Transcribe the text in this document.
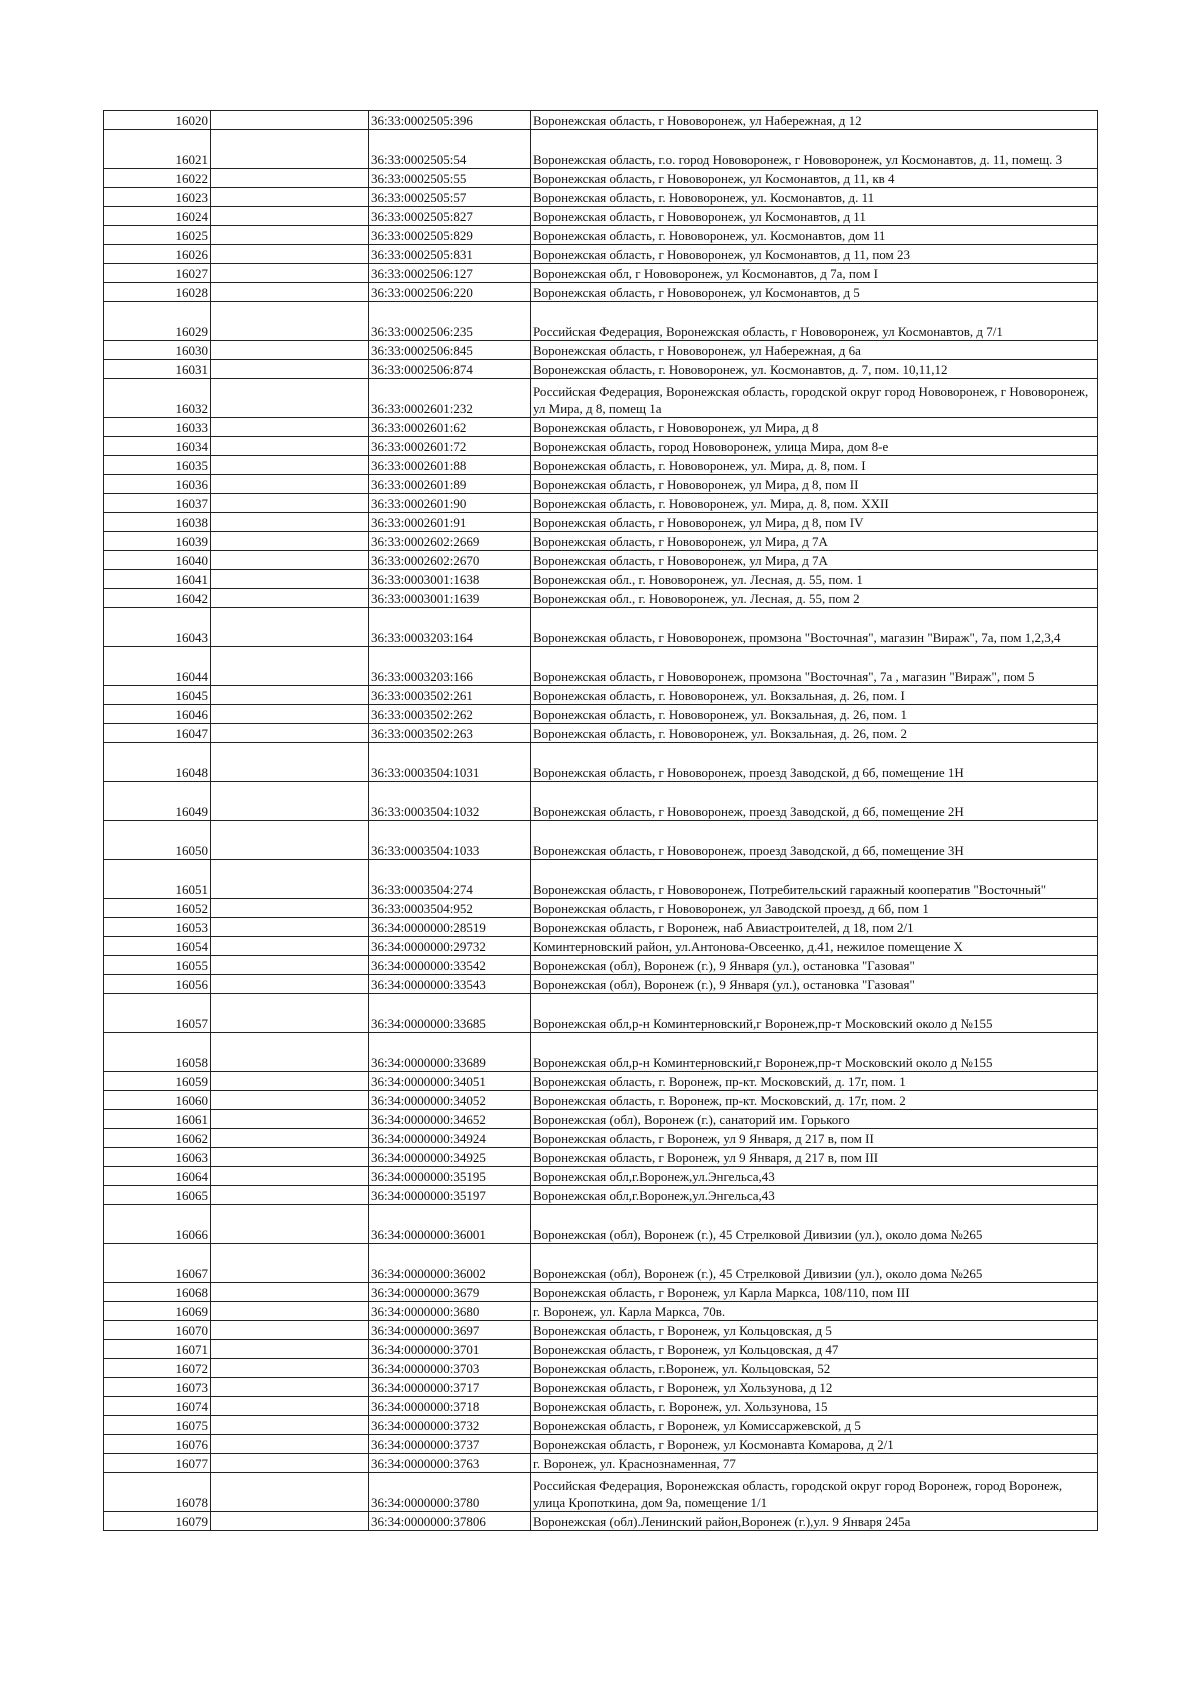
16020		36:33:0002505:396	Воронежская область, г Нововоронеж, ул Набережная, д 12
16021		36:33:0002505:54	Воронежская область, г.о. город Нововоронеж, г Нововоронеж, ул Космонавтов, д. 11, помещ. 3
16022		36:33:0002505:55	Воронежская область, г Нововоронеж, ул Космонавтов, д 11, кв 4
16023		36:33:0002505:57	Воронежская область, г. Нововоронеж, ул. Космонавтов, д. 11
16024		36:33:0002505:827	Воронежская область, г Нововоронеж, ул Космонавтов, д 11
16025		36:33:0002505:829	Воронежская область, г. Нововоронеж, ул. Космонавтов, дом 11
16026		36:33:0002505:831	Воронежская область, г Нововоронеж, ул Космонавтов, д 11, пом 23
16027		36:33:0002506:127	Воронежская обл, г Нововоронеж, ул Космонавтов, д 7а, пом I
16028		36:33:0002506:220	Воронежская область, г Нововоронеж, ул Космонавтов, д 5
16029		36:33:0002506:235	Российская Федерация, Воронежская область, г Нововоронеж, ул Космонавтов, д 7/1
16030		36:33:0002506:845	Воронежская область, г Нововоронеж, ул Набережная, д 6а
16031		36:33:0002506:874	Воронежская область, г. Нововоронеж, ул. Космонавтов, д. 7, пом. 10,11,12
16032		36:33:0002601:232	Российская Федерация, Воронежская область, городской округ город Нововоронеж, г Нововоронеж, ул Мира, д 8, помещ 1а
16033		36:33:0002601:62	Воронежская область, г Нововоронеж, ул Мира, д 8
16034		36:33:0002601:72	Воронежская область, город Нововоронеж, улица Мира, дом 8-е
16035		36:33:0002601:88	Воронежская область, г. Нововоронеж, ул. Мира, д. 8, пом. I
16036		36:33:0002601:89	Воронежская область, г Нововоронеж, ул Мира, д 8, пом II
16037		36:33:0002601:90	Воронежская область, г. Нововоронеж, ул. Мира, д. 8, пом. XXII
16038		36:33:0002601:91	Воронежская область, г Нововоронеж, ул Мира, д 8, пом IV
16039		36:33:0002602:2669	Воронежская область, г Нововоронеж, ул Мира, д 7А
16040		36:33:0002602:2670	Воронежская область, г Нововоронеж, ул Мира, д 7А
16041		36:33:0003001:1638	Воронежская обл., г. Нововоронеж, ул. Лесная, д. 55, пом. 1
16042		36:33:0003001:1639	Воронежская обл., г. Нововоронеж, ул. Лесная, д. 55, пом 2
16043		36:33:0003203:164	Воронежская область, г Нововоронеж, промзона "Восточная", магазин "Вираж", 7а, пом 1,2,3,4
16044		36:33:0003203:166	Воронежская область, г Нововоронеж, промзона "Восточная", 7а , магазин "Вираж", пом 5
16045		36:33:0003502:261	Воронежская область, г. Нововоронеж, ул. Вокзальная, д. 26, пом. I
16046		36:33:0003502:262	Воронежская область, г. Нововоронеж, ул. Вокзальная, д. 26, пом. 1
16047		36:33:0003502:263	Воронежская область, г. Нововоронеж, ул. Вокзальная, д. 26, пом. 2
16048		36:33:0003504:1031	Воронежская область, г Нововоронеж, проезд Заводской, д 6б, помещение 1Н
16049		36:33:0003504:1032	Воронежская область, г Нововоронеж, проезд Заводской, д 6б, помещение 2Н
16050		36:33:0003504:1033	Воронежская область, г Нововоронеж, проезд Заводской, д 6б, помещение 3Н
16051		36:33:0003504:274	Воронежская область, г Нововоронеж, Потребительский гаражный кооператив "Восточный"
16052		36:33:0003504:952	Воронежская область, г Нововоронеж, ул Заводской проезд, д 6б, пом 1
16053		36:34:0000000:28519	Воронежская область, г Воронеж, наб Авиастроителей, д 18, пом 2/1
16054		36:34:0000000:29732	Коминтерновский район, ул.Антонова-Овсеенко, д.41, нежилое помещение X
16055		36:34:0000000:33542	Воронежская (обл), Воронеж (г.), 9 Января (ул.), остановка "Газовая"
16056		36:34:0000000:33543	Воронежская (обл), Воронеж (г.), 9 Января (ул.), остановка "Газовая"
16057		36:34:0000000:33685	Воронежская обл,р-н Коминтерновский,г Воронеж,пр-т Московский около д №155
16058		36:34:0000000:33689	Воронежская обл,р-н Коминтерновский,г Воронеж,пр-т Московский около д №155
16059		36:34:0000000:34051	Воронежская область, г. Воронеж, пр-кт. Московский, д. 17г, пом. 1
16060		36:34:0000000:34052	Воронежская область, г. Воронеж, пр-кт. Московский, д. 17г, пом. 2
16061		36:34:0000000:34652	Воронежская (обл), Воронеж (г.), санаторий им. Горького
16062		36:34:0000000:34924	Воронежская область, г Воронеж, ул 9 Января, д 217 в, пом II
16063		36:34:0000000:34925	Воронежская область, г Воронеж, ул 9 Января, д 217 в, пом III
16064		36:34:0000000:35195	Воронежская обл,г.Воронеж,ул.Энгельса,43
16065		36:34:0000000:35197	Воронежская обл,г.Воронеж,ул.Энгельса,43
16066		36:34:0000000:36001	Воронежская (обл), Воронеж (г.), 45 Стрелковой Дивизии (ул.), около дома №265
16067		36:34:0000000:36002	Воронежская (обл), Воронеж (г.), 45 Стрелковой Дивизии (ул.), около дома №265
16068		36:34:0000000:3679	Воронежская область, г Воронеж, ул Карла Маркса, 108/110, пом III
16069		36:34:0000000:3680	г. Воронеж, ул. Карла Маркса, 70в.
16070		36:34:0000000:3697	Воронежская область, г Воронеж, ул Кольцовская, д 5
16071		36:34:0000000:3701	Воронежская область, г Воронеж, ул Кольцовская, д 47
16072		36:34:0000000:3703	Воронежская область, г.Воронеж, ул. Кольцовская, 52
16073		36:34:0000000:3717	Воронежская область, г Воронеж, ул Хользунова, д 12
16074		36:34:0000000:3718	Воронежская область, г. Воронеж, ул. Хользунова, 15
16075		36:34:0000000:3732	Воронежская область, г Воронеж, ул Комиссаржевской, д 5
16076		36:34:0000000:3737	Воронежская область, г Воронеж, ул Космонавта Комарова, д 2/1
16077		36:34:0000000:3763	г. Воронеж, ул. Краснознаменная, 77
16078		36:34:0000000:3780	Российская Федерация, Воронежская область, городской округ город Воронеж, город Воронеж, улица Кропоткина, дом 9а, помещение 1/1
16079		36:34:0000000:37806	Воронежская (обл).Ленинский район,Воронеж (г.),ул. 9 Января 245а
